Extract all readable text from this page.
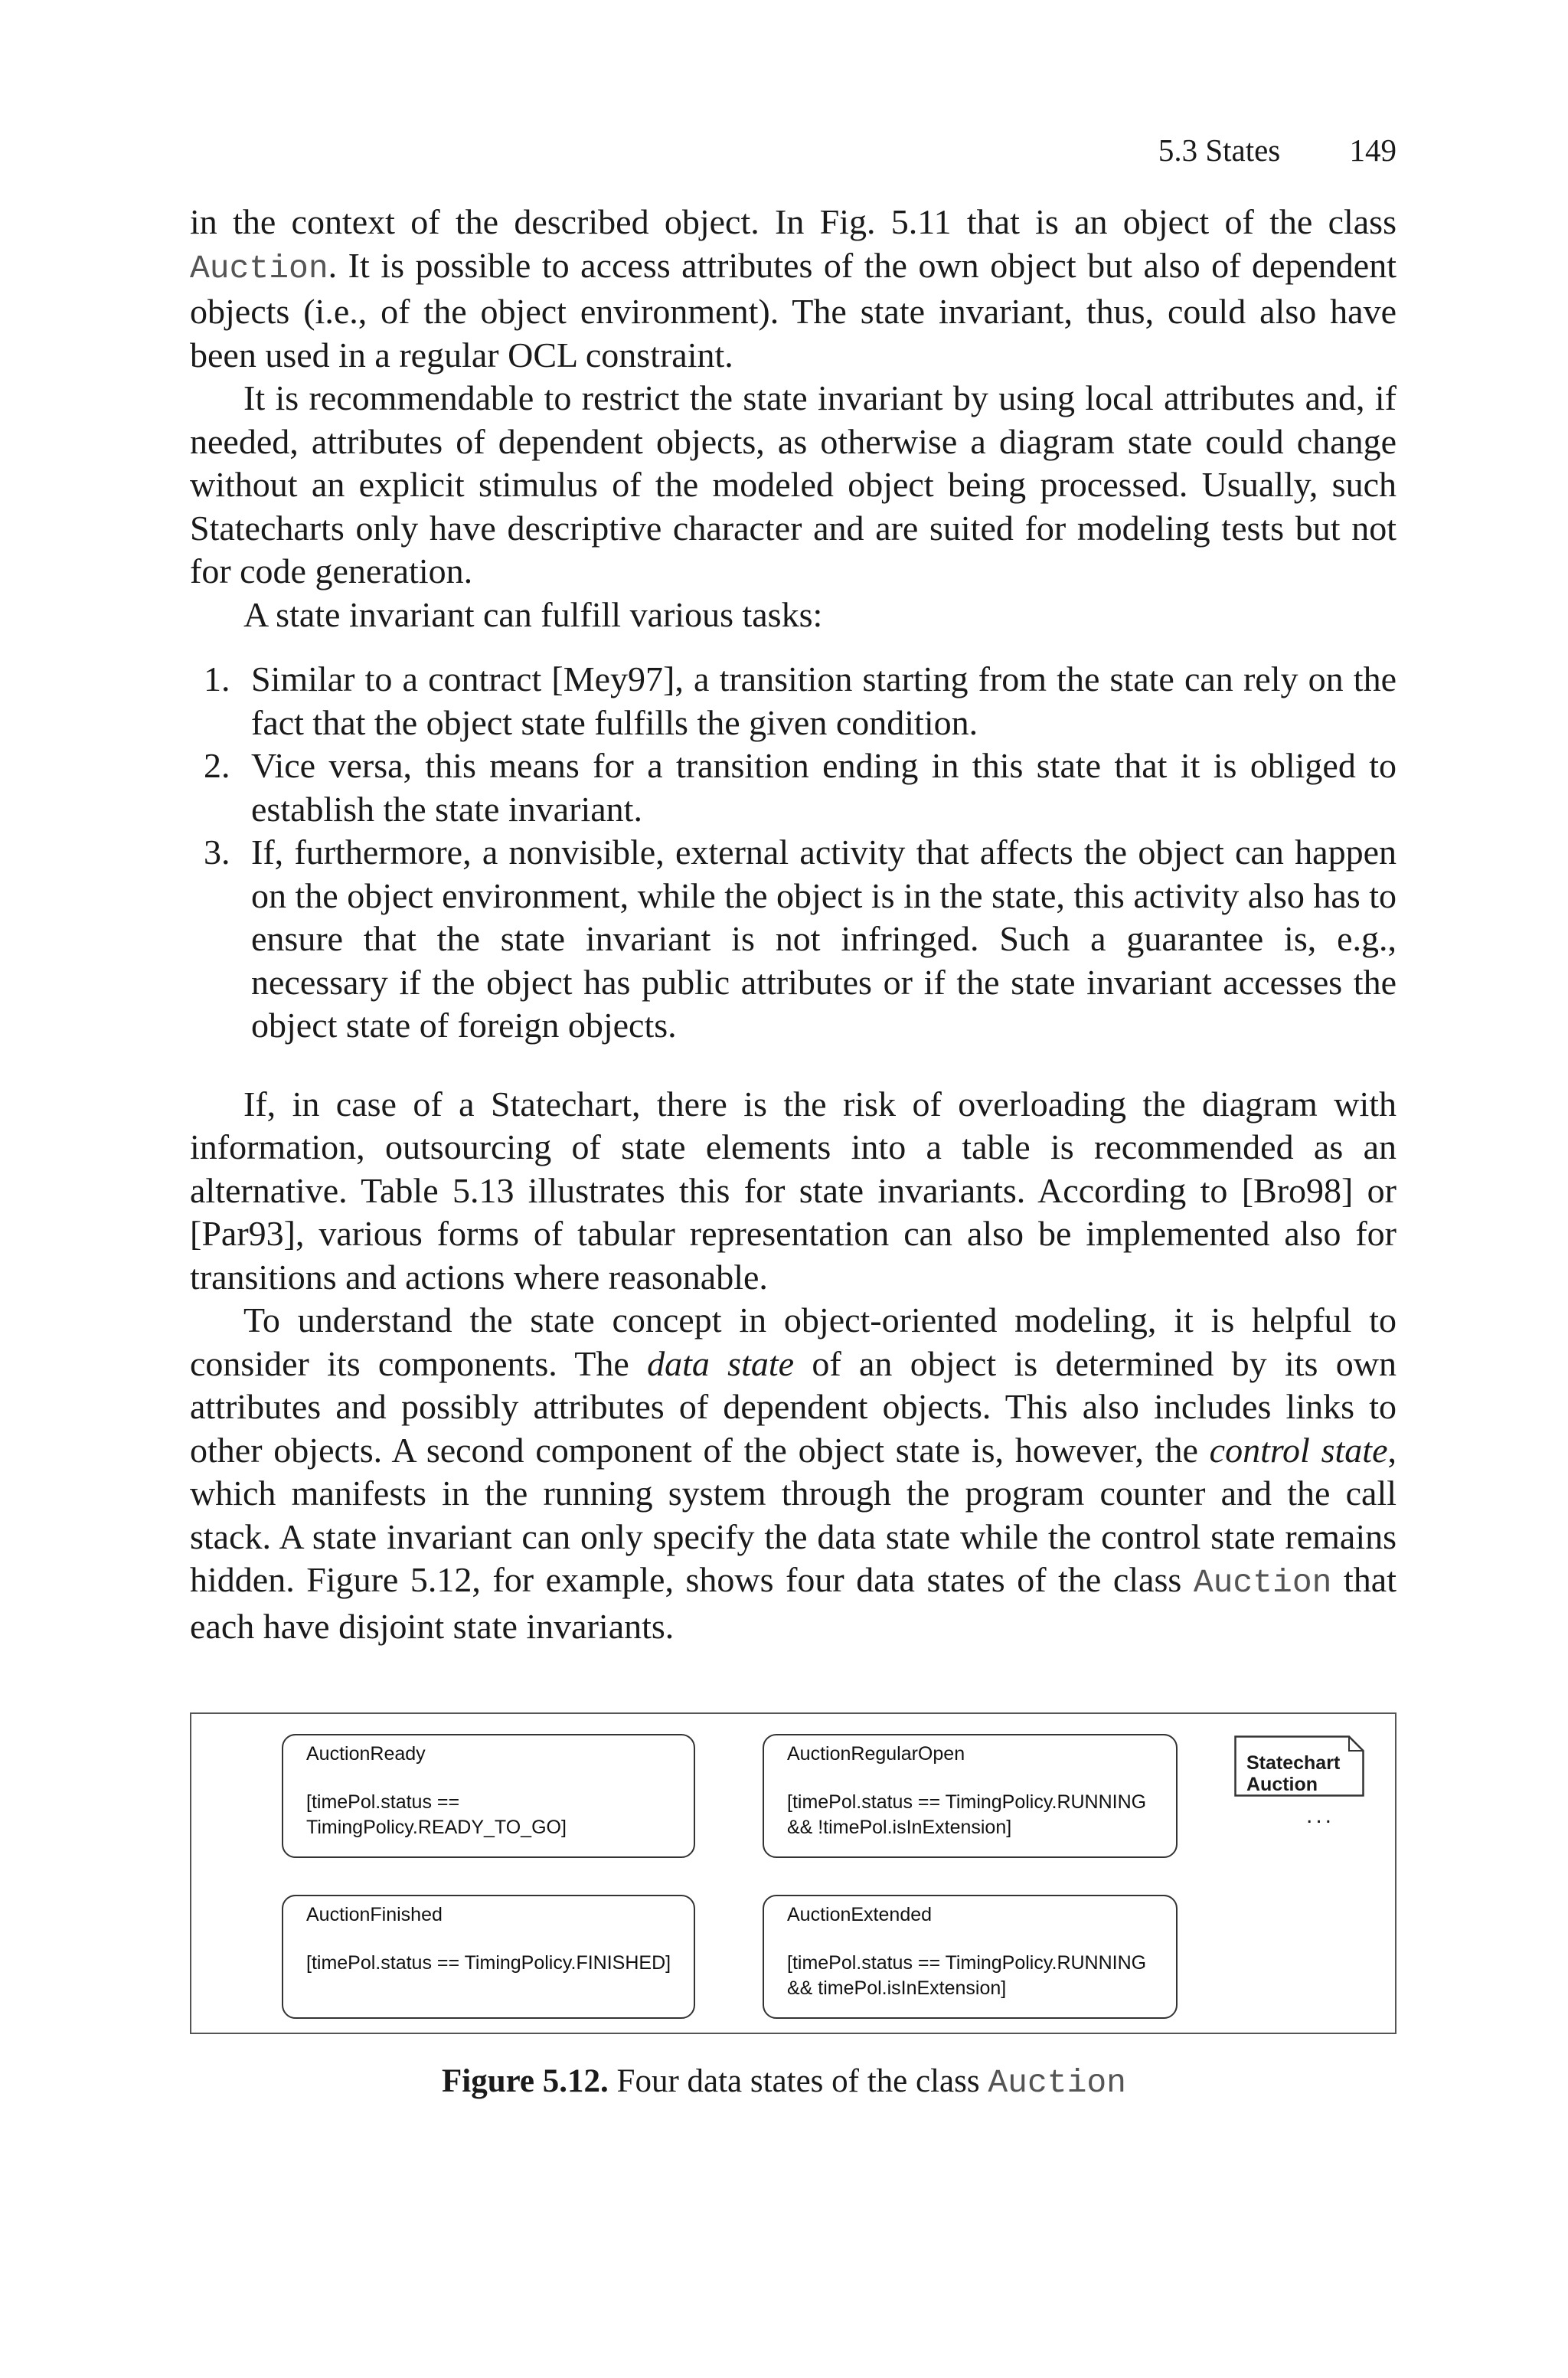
5.3 States 149

in the context of the described object. In Fig. 5.11 that is an object of the class Auction. It is possible to access attributes of the own object but also of dependent objects (i.e., of the object environment). The state invariant, thus, could also have been used in a regular OCL constraint.

It is recommendable to restrict the state invariant by using local attributes and, if needed, attributes of dependent objects, as otherwise a diagram state could change without an explicit stimulus of the modeled object being processed. Usually, such Statecharts only have descriptive character and are suited for modeling tests but not for code generation.

A state invariant can fulfill various tasks:

1. Similar to a contract [Mey97], a transition starting from the state can rely on the fact that the object state fulfills the given condition.
2. Vice versa, this means for a transition ending in this state that it is obliged to establish the state invariant.
3. If, furthermore, a nonvisible, external activity that affects the object can happen on the object environment, while the object is in the state, this activity also has to ensure that the state invariant is not infringed. Such a guarantee is, e.g., necessary if the object has public attributes or if the state invariant accesses the object state of foreign objects.

If, in case of a Statechart, there is the risk of overloading the diagram with information, outsourcing of state elements into a table is recommended as an alternative. Table 5.13 illustrates this for state invariants. According to [Bro98] or [Par93], various forms of tabular representation can also be implemented also for transitions and actions where reasonable.

To understand the state concept in object-oriented modeling, it is helpful to consider its components. The data state of an object is determined by its own attributes and possibly attributes of dependent objects. This also includes links to other objects. A second component of the object state is, however, the control state, which manifests in the running system through the program counter and the call stack. A state invariant can only specify the data state while the control state remains hidden. Figure 5.12, for example, shows four data states of the class Auction that each have disjoint state invariants.

AuctionReady
[timePol.status == TimingPolicy.READY_TO_GO]
AuctionRegularOpen
[timePol.status == TimingPolicy.RUNNING && !timePol.isInExtension]
AuctionFinished
[timePol.status == TimingPolicy.FINISHED]
AuctionExtended
[timePol.status == TimingPolicy.RUNNING && timePol.isInExtension]
Statechart Auction
...
Figure 5.12. Four data states of the class Auction
